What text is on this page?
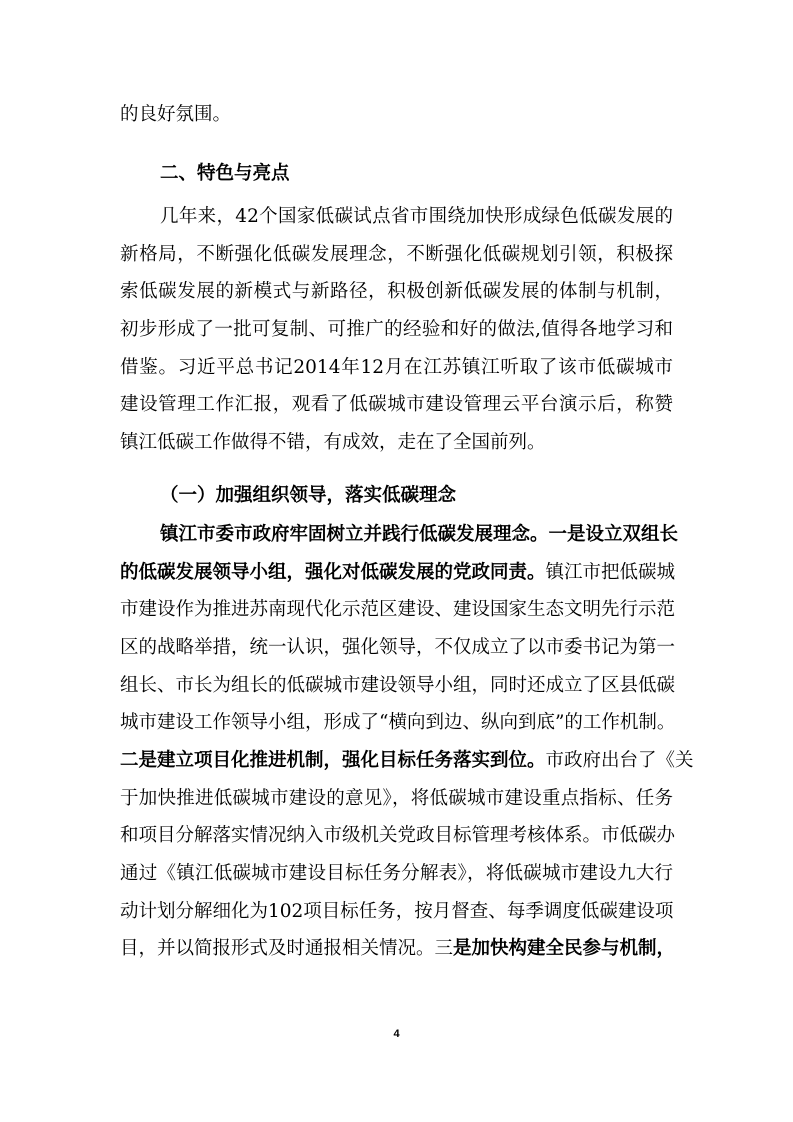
的良好氛围。
二、特色与亮点
几年来，42个国家低碳试点省市围绕加快形成绿色低碳发展的
新格局，不断强化低碳发展理念，不断强化低碳规划引领，积极探
索低碳发展的新模式与新路径，积极创新低碳发展的体制与机制，
初步形成了一批可复制、可推广的经验和好的做法,值得各地学习和
借鉴。习近平总书记2014年12月在江苏镇江听取了该市低碳城市
建设管理工作汇报，观看了低碳城市建设管理云平台演示后，称赞
镇江低碳工作做得不错，有成效，走在了全国前列。
（一）加强组织领导，落实低碳理念
镇江市委市政府牢固树立并践行低碳发展理念。一是设立双组长
的低碳发展领导小组，强化对低碳发展的党政同责。镇江市把低碳城
市建设作为推进苏南现代化示范区建设、建设国家生态文明先行示范
区的战略举措，统一认识，强化领导，不仅成立了以市委书记为第一
组长、市长为组长的低碳城市建设领导小组，同时还成立了区县低碳
城市建设工作领导小组，形成了“横向到边、纵向到底”的工作机制。
二是建立项目化推进机制，强化目标任务落实到位。市政府出台了《关
于加快推进低碳城市建设的意见》，将低碳城市建设重点指标、任务
和项目分解落实情况纳入市级机关党政目标管理考核体系。市低碳办
通过《镇江低碳城市建设目标任务分解表》，将低碳城市建设九大行
动计划分解细化为102项目标任务，按月督查、每季调度低碳建设项
目，并以简报形式及时通报相关情况。三是加快构建全民参与机制，
4
